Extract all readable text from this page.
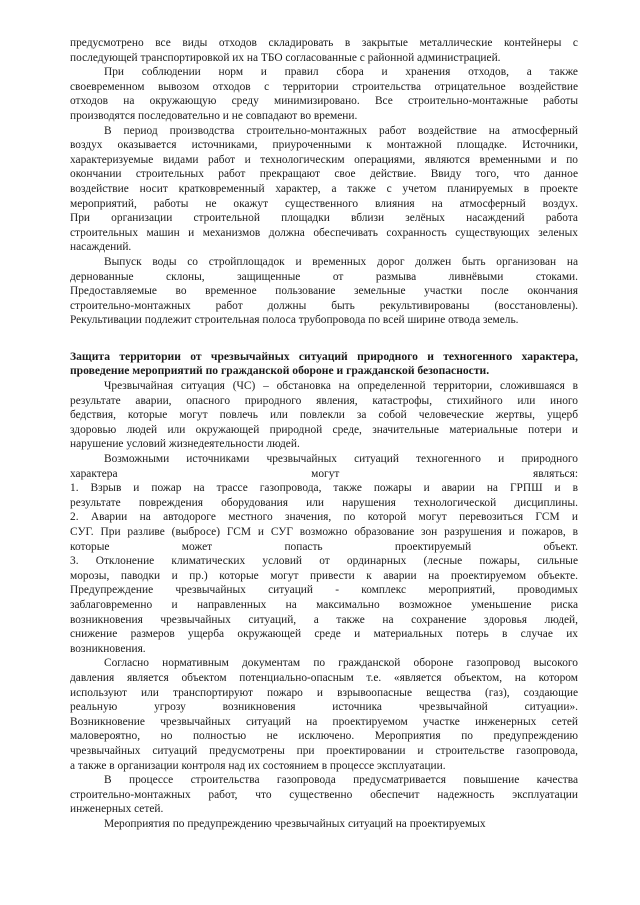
предусмотрено все виды отходов складировать в закрытые металлические контейнеры с
последующей транспортировкой их на ТБО согласованные с районной администрацией.
При соблюдении норм и правил сбора и хранения отходов, а также
своевременном вывозом отходов с территории строительства отрицательное воздействие
отходов на окружающую среду минимизировано. Все строительно-монтажные работы
производятся последовательно и не совпадают во времени.
В период производства строительно-монтажных работ воздействие на атмосферный
воздух оказывается источниками, приуроченными к монтажной площадке. Источники,
характеризуемые видами работ и технологическим операциями, являются временными и по
окончании строительных работ прекращают свое действие. Ввиду того, что данное
воздействие носит кратковременный характер, а также с учетом планируемых в проекте
мероприятий, работы не окажут существенного влияния на атмосферный воздух.
При организации строительной площадки вблизи зелёных насаждений работа
строительных машин и механизмов должна обеспечивать сохранность существующих зеленых
насаждений.
Выпуск воды со стройплощадок и временных дорог должен быть организован на
дернованные склоны, защищенные от размыва ливнёвыми стоками.
Предоставляемые во временное пользование земельные участки после окончания
строительно-монтажных работ должны быть рекультивированы (восстановлены).
Рекультивации подлежит строительная полоса трубопровода по всей ширине отвода земель.
Защита территории от чрезвычайных ситуаций природного и техногенного характера,
проведение мероприятий по гражданской обороне и гражданской безопасности.
Чрезвычайная ситуация (ЧС) – обстановка на определенной территории, сложившаяся в
результате аварии, опасного природного явления, катастрофы, стихийного или иного
бедствия, которые могут повлечь или повлекли за собой человеческие жертвы, ущерб
здоровью людей или окружающей природной среде, значительные материальные потери и
нарушение условий жизнедеятельности людей.
Возможными источниками чрезвычайных ситуаций техногенного и природного
характера могут являться:
1. Взрыв и пожар на трассе газопровода, также пожары и аварии на ГРПШ и в
результате повреждения оборудования или нарушения технологической дисциплины.
2. Аварии на автодороге местного значения, по которой могут перевозиться ГСМ и
СУГ. При разливе (выбросе) ГСМ и СУГ возможно образование зон разрушения и пожаров, в
которые может попасть проектируемый объект.
3. Отклонение климатических условий от ординарных (лесные пожары, сильные
морозы, паводки и пр.) которые могут привести к аварии на проектируемом объекте.
Предупреждение чрезвычайных ситуаций - комплекс мероприятий, проводимых
заблаговременно и направленных на максимально возможное уменьшение риска
возникновения чрезвычайных ситуаций, а также на сохранение здоровья людей,
снижение размеров ущерба окружающей среде и материальных потерь в случае их
возникновения.
Согласно нормативным документам по гражданской обороне газопровод высокого
давления является объектом потенциально-опасным т.е. «является объектом, на котором
используют или транспортируют пожаро и взрывоопасные вещества (газ), создающие
реальную угрозу возникновения источника чрезвычайной ситуации».
Возникновение чрезвычайных ситуаций на проектируемом участке инженерных сетей
маловероятно, но полностью не исключено. Мероприятия по предупреждению
чрезвычайных ситуаций предусмотрены при проектировании и строительстве газопровода,
а также в организации контроля над их состоянием в процессе эксплуатации.
В процессе строительства газопровода предусматривается повышение качества
строительно-монтажных работ, что существенно обеспечит надежность эксплуатации
инженерных сетей.
Мероприятия по предупреждению чрезвычайных ситуаций на проектируемых
